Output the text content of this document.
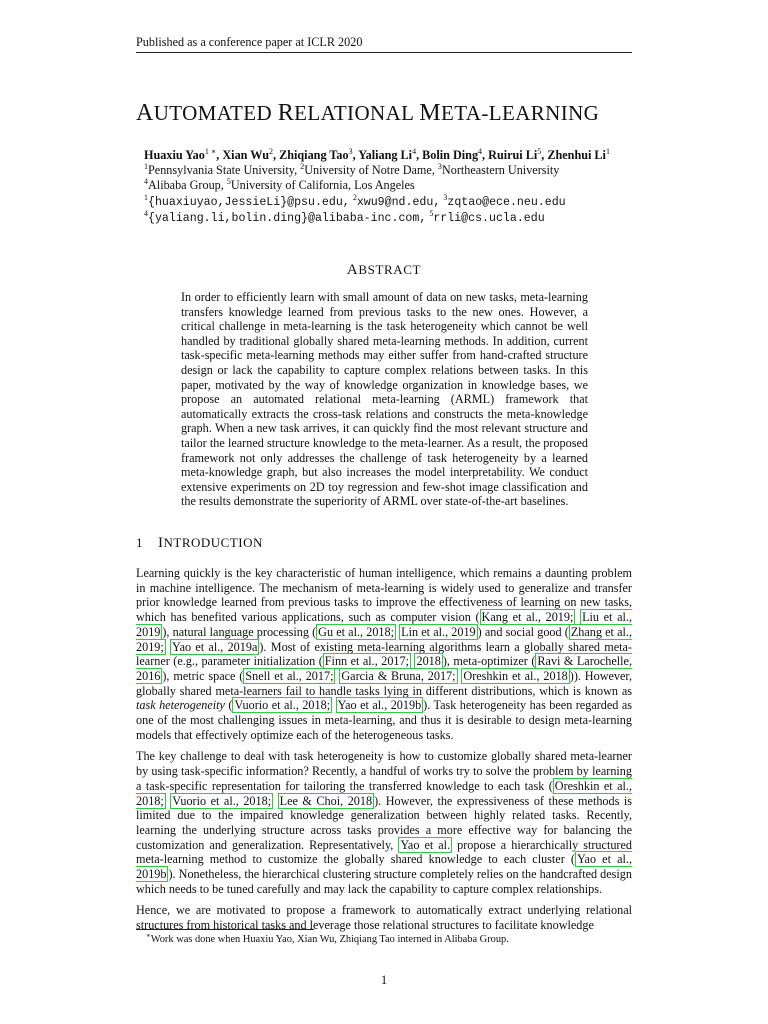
Published as a conference paper at ICLR 2020
AUTOMATED RELATIONAL META-LEARNING
Huaxiu Yao$^{1 ∗}$, Xian Wu$^2$, Zhiqiang Tao$^3$, Yaliang Li$^4$, Bolin Ding$^4$, Ruirui Li$^5$, Zhenhui Li$^1$
$^1$Pennsylvania State University, $^2$University of Notre Dame, $^3$Northeastern University
$^4$Alibaba Group, $^5$University of California, Los Angeles
$^1${huaxiuyao,JessieLi}@psu.edu, $^2$xwu9@nd.edu, $^3$zqtao@ece.neu.edu
$^4${yaliang.li,bolin.ding}@alibaba-inc.com, $^5$rrli@cs.ucla.edu
ABSTRACT
In order to efficiently learn with small amount of data on new tasks, meta-learning transfers knowledge learned from previous tasks to the new ones. However, a critical challenge in meta-learning is the task heterogeneity which cannot be well handled by traditional globally shared meta-learning methods. In addition, current task-specific meta-learning methods may either suffer from hand-crafted structure design or lack the capability to capture complex relations between tasks. In this paper, motivated by the way of knowledge organization in knowledge bases, we propose an automated relational meta-learning (ARML) framework that automatically extracts the cross-task relations and constructs the meta-knowledge graph. When a new task arrives, it can quickly find the most relevant structure and tailor the learned structure knowledge to the meta-learner. As a result, the proposed framework not only addresses the challenge of task heterogeneity by a learned meta-knowledge graph, but also increases the model interpretability. We conduct extensive experiments on 2D toy regression and few-shot image classification and the results demonstrate the superiority of ARML over state-of-the-art baselines.
1 INTRODUCTION

Learning quickly is the key characteristic of human intelligence, which remains a daunting problem in machine intelligence. The mechanism of meta-learning is widely used to generalize and transfer prior knowledge learned from previous tasks to improve the effectiveness of learning on new tasks, which has benefited various applications, such as computer vision ( Kang et al., 2019; Liu et al., 2019 ), natural language processing ( Gu et al., 2018; Lin et al., 2019 ) and social good ( Zhang et al., 2019; Yao et al., 2019a ). Most of existing meta-learning algorithms learn a globally shared meta-learner (e.g., parameter initialization ( Finn et al., 2017; 2018 ), meta-optimizer ( Ravi & Larochelle, 2016 ), metric space ( Snell et al., 2017; Garcia & Bruna, 2017; Oreshkin et al., 2018 )). However, globally shared meta-learners fail to handle tasks lying in different distributions, which is known as task heterogeneity ( Vuorio et al., 2018; Yao et al., 2019b ). Task heterogeneity has been regarded as one of the most challenging issues in meta-learning, and thus it is desirable to design meta-learning models that effectively optimize each of the heterogeneous tasks.

The key challenge to deal with task heterogeneity is how to customize globally shared meta-learner by using task-specific information? Recently, a handful of works try to solve the problem by learning a task-specific representation for tailoring the transferred knowledge to each task ( Oreshkin et al., 2018; Vuorio et al., 2018; Lee & Choi, 2018 ). However, the expressiveness of these methods is limited due to the impaired knowledge generalization between highly related tasks. Recently, learning the underlying structure across tasks provides a more effective way for balancing the customization and generalization. Representatively, Yao et al. propose a hierarchically structured meta-learning method to customize the globally shared knowledge to each cluster ( Yao et al., 2019b ). Nonetheless, the hierarchical clustering structure completely relies on the handcrafted design which needs to be tuned carefully and may lack the capability to capture complex relationships.

Hence, we are motivated to propose a framework to automatically extract underlying relational structures from historical tasks and leverage those relational structures to facilitate knowledge

∗Work was done when Huaxiu Yao, Xian Wu, Zhiqiang Tao interned in Alibaba Group.
1
